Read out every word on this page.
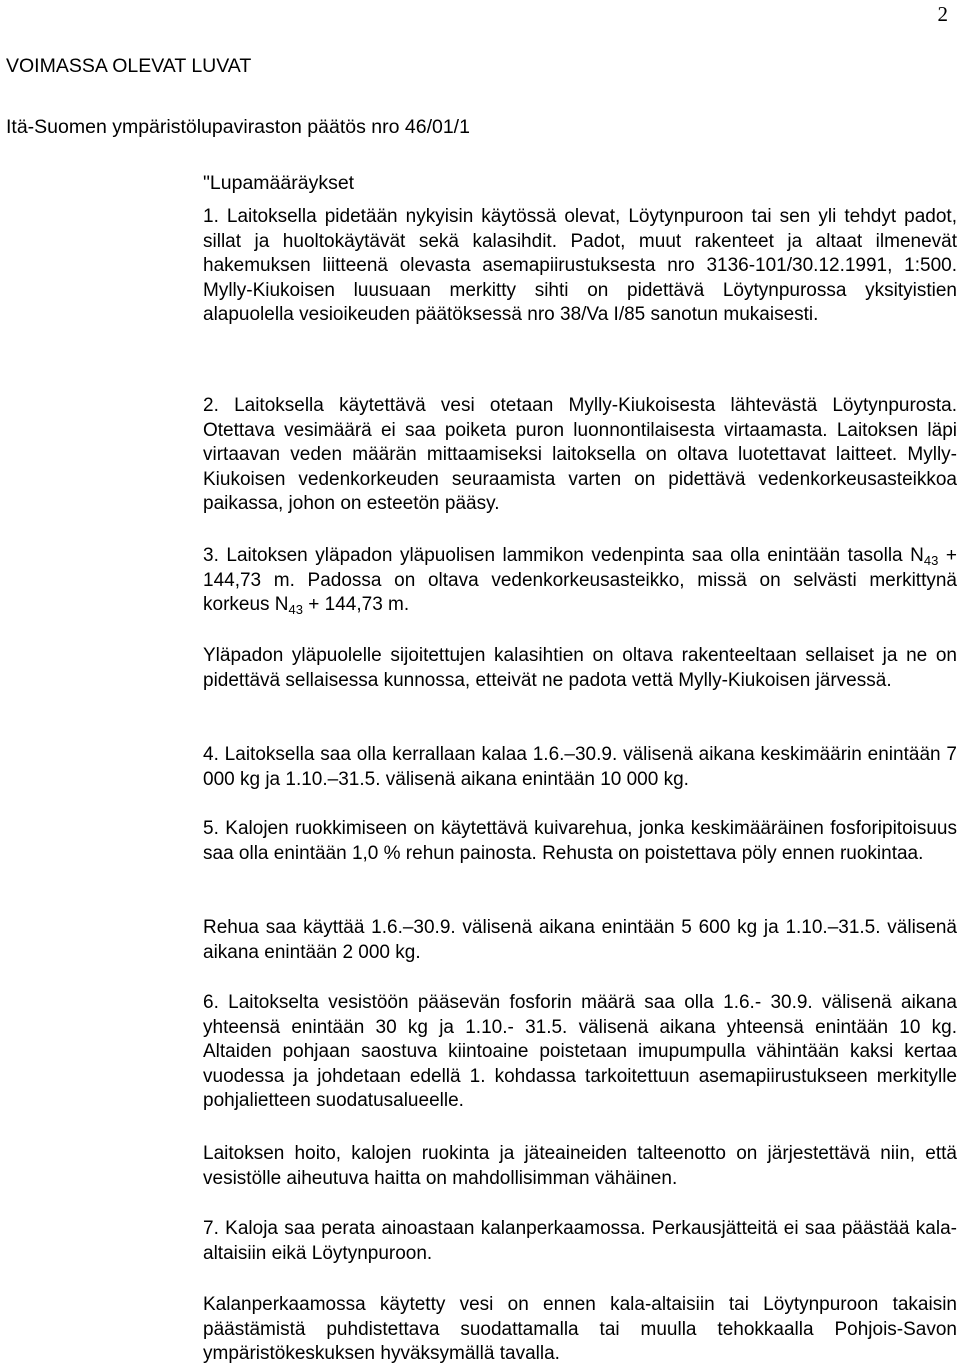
2
VOIMASSA OLEVAT LUVAT
Itä-Suomen ympäristölupaviraston päätös nro 46/01/1
"Lupamääräykset

1. Laitoksella pidetään nykyisin käytössä olevat, Löytynpuroon tai sen yli tehdyt padot, sillat ja huoltokäytävät sekä kalasihdit. Padot, muut rakenteet ja altaat ilmenevät hakemuksen liitteenä olevasta asemapiirustuksesta nro 3136-101/30.12.1991, 1:500. Mylly-Kiukoisen luusuaan merkitty sihti on pidettävä Löytynpurossa yksityistien alapuolella vesioikeuden päätöksessä nro 38/Va I/85 sanotun mukaisesti.

2. Laitoksella käytettävä vesi otetaan Mylly-Kiukoisesta lähtevästä Löytynpurosta. Otettava vesimäärä ei saa poiketa puron luonnontilaisesta virtaamasta. Laitoksen läpi virtaavan veden määrän mittaamiseksi laitoksella on oltava luotettavat laitteet. Mylly-Kiukoisen vedenkorkeuden seuraamista varten on pidettävä vedenkorkeusasteikkoa paikassa, johon on esteetön pääsy.

3. Laitoksen yläpadon yläpuolisen lammikon vedenpinta saa olla enintään tasolla $N_{43} + 144,73$ m. Padossa on oltava vedenkorkeusasteikko, missä on selvästi merkittynä korkeus $N_{43} + 144,73$ m.

Yläpadon yläpuolelle sijoitettujen kalasihtien on oltava rakenteeltaan sellaiset ja ne on pidettävä sellaisessa kunnossa, etteivät ne padota vettä Mylly-Kiukoisen järvessä.

4. Laitoksella saa olla kerrallaan kalaa 1.6.–30.9. välisenä aikana keskimäärin enintään 7 000 kg ja 1.10.–31.5. välisenä aikana enintään 10 000 kg.

5. Kalojen ruokkimiseen on käytettävä kuivarehua, jonka keskimääräinen fosforipitoisuus saa olla enintään 1,0 % rehun painosta. Rehusta on poistettava pöly ennen ruokintaa.

Rehua saa käyttää 1.6.–30.9. välisenä aikana enintään 5 600 kg ja 1.10.–31.5. välisenä aikana enintään 2 000 kg.

6. Laitokselta vesistöön pääsevän fosforin määrä saa olla 1.6.- 30.9. välisenä aikana yhteensä enintään 30 kg ja 1.10.- 31.5. välisenä aikana yhteensä enintään 10 kg. Altaiden pohjaan saostuva kiintoaine poistetaan imupumpulla vähintään kaksi kertaa vuodessa ja johdetaan edellä 1. kohdassa tarkoitettuun asemapiirustukseen merkitylle pohjalietteen suodatusalueelle.

Laitoksen hoito, kalojen ruokinta ja jäteaineiden talteenotto on järjestettävä niin, että vesistölle aiheutuva haitta on mahdollisimman vähäinen.

7. Kaloja saa perata ainoastaan kalanperkaamossa. Perkausjätteitä ei saa päästää kala-altaisiin eikä Löytynpuroon.

Kalanperkaamossa käytetty vesi on ennen kala-altaisiin tai Löytynpuroon takaisin päästämistä puhdistettava suodattamalla tai muulla tehokkaalla Pohjois-Savon ympäristökeskuksen hyväksymällä tavalla.
